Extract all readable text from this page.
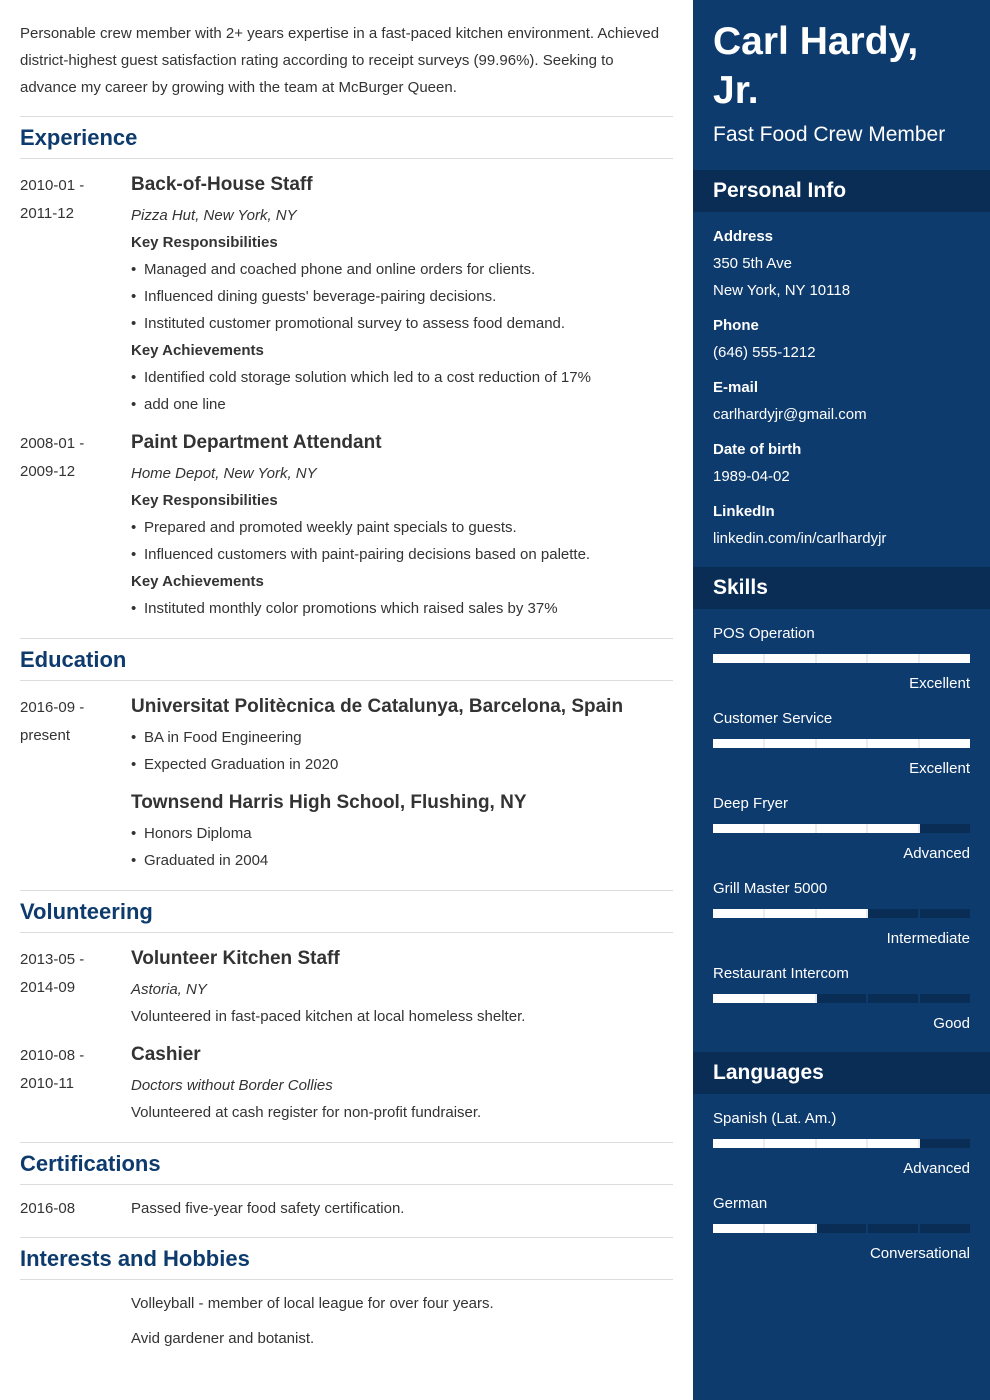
Personable crew member with 2+ years expertise in a fast-paced kitchen environment. Achieved district-highest guest satisfaction rating according to receipt surveys (99.96%). Seeking to advance my career by growing with the team at McBurger Queen.

Experience
2010-01 -
2011-12
Back-of-House Staff
Pizza Hut, New York, NY
Key Responsibilities
• Managed and coached phone and online orders for clients.
• Influenced dining guests' beverage-pairing decisions.
• Instituted customer promotional survey to assess food demand.
Key Achievements
• Identified cold storage solution which led to a cost reduction of 17%
• add one line
2008-01 -
2009-12
Paint Department Attendant
Home Depot, New York, NY
Key Responsibilities
• Prepared and promoted weekly paint specials to guests.
• Influenced customers with paint-pairing decisions based on palette.
Key Achievements
• Instituted monthly color promotions which raised sales by 37%
Education
2016-09 -
present
Universitat Politècnica de Catalunya, Barcelona, Spain
• BA in Food Engineering
• Expected Graduation in 2020
Townsend Harris High School, Flushing, NY
• Honors Diploma
• Graduated in 2004
Volunteering
2013-05 -
2014-09
Volunteer Kitchen Staff
Astoria, NY
Volunteered in fast-paced kitchen at local homeless shelter.
2010-08 -
2010-11
Cashier
Doctors without Border Collies
Volunteered at cash register for non-profit fundraiser.
Certifications
2016-08	Passed five-year food safety certification.
Interests and Hobbies
Volleyball - member of local league for over four years.
Avid gardener and botanist.
Carl Hardy,
Jr.
Fast Food Crew Member
Personal Info
Address
350 5th Ave
New York, NY 10118
Phone
(646) 555-1212
E-mail
carlhardyjr@gmail.com
Date of birth
1989-04-02
LinkedIn
linkedin.com/in/carlhardyjr
Skills
POS Operation
Excellent
Customer Service
Excellent
Deep Fryer
Advanced
Grill Master 5000
Intermediate
Restaurant Intercom
Good
Languages
Spanish (Lat. Am.)
Advanced
German
Conversational
